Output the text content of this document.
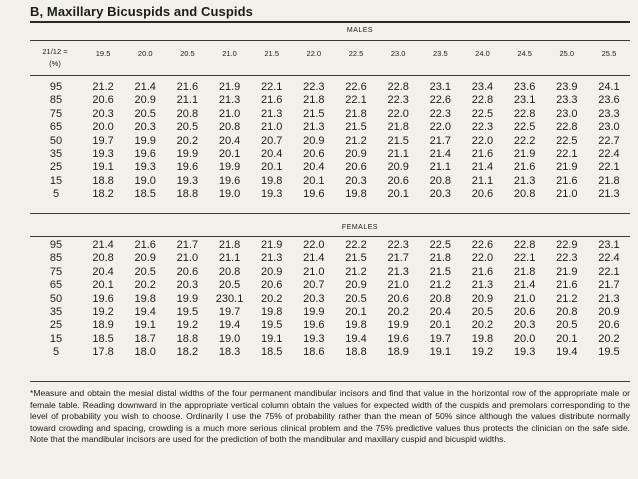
B, Maxillary Bicuspids and Cuspids
MALES
21/12 =
(%)
19.5	20.0	20.5	21.0	21.5	22.0	22.5	23.0	23.5	24.0	24.5	25.0	25.5
95	21.2	21.4	21.6	21.9	22.1	22.3	22.6	22.8	23.1	23.4	23.6	23.9	24.1
85	20.6	20.9	21.1	21.3	21.6	21.8	22.1	22.3	22.6	22.8	23.1	23.3	23.6
75	20.3	20.5	20.8	21.0	21.3	21.5	21.8	22.0	22.3	22.5	22.8	23.0	23.3
65	20.0	20.3	20.5	20.8	21.0	21.3	21.5	21.8	22.0	22.3	22.5	22.8	23.0
50	19.7	19.9	20.2	20.4	20.7	20.9	21.2	21.5	21.7	22.0	22.2	22.5	22.7
35	19.3	19.6	19.9	20.1	20.4	20.6	20.9	21.1	21.4	21.6	21.9	22.1	22.4
25	19.1	19.3	19.6	19.9	20.1	20.4	20.6	20.9	21.1	21.4	21.6	21.9	22.1
15	18.8	19.0	19.3	19.6	19.8	20.1	20.3	20.6	20.8	21.1	21.3	21.6	21.8
5	18.2	18.5	18.8	19.0	19.3	19.6	19.8	20.1	20.3	20.6	20.8	21.0	21.3
FEMALES
95	21.4	21.6	21.7	21.8	21.9	22.0	22.2	22.3	22.5	22.6	22.8	22.9	23.1
85	20.8	20.9	21.0	21.1	21.3	21.4	21.5	21.7	21.8	22.0	22.1	22.3	22.4
75	20.4	20.5	20.6	20.8	20.9	21.0	21.2	21.3	21.5	21.6	21.8	21.9	22.1
65	20.1	20.2	20.3	20.5	20.6	20.7	20.9	21.0	21.2	21.3	21.4	21.6	21.7
50	19.6	19.8	19.9	230.1	20.2	20.3	20.5	20.6	20.8	20.9	21.0	21.2	21.3
35	19.2	19.4	19.5	19.7	19.8	19.9	20.1	20.2	20.4	20.5	20.6	20.8	20.9
25	18.9	19.1	19.2	19.4	19.5	19.6	19.8	19.9	20.1	20.2	20.3	20.5	20.6
15	18.5	18.7	18.8	19.0	19.1	19.3	19.4	19.6	19.7	19.8	20.0	20.1	20.2
5	17.8	18.0	18.2	18.3	18.5	18.6	18.8	18.9	19.1	19.2	19.3	19.4	19.5
*Measure and obtain the mesial distal widths of the four permanent mandibular incisors and find that value in the horizontal row of the appropriate male or female table. Reading downward in the appropriate vertical column obtain the values for expected width of the cuspids and premolars corresponding to the level of probability you wish to choose. Ordinarily I use the 75% of probability rather than the mean of 50% since although the values distribute normally toward crowding and spacing, crowding is a much more serious clinical problem and the 75% predictive values thus protects the clinician on the safe side. Note that the mandibular incisors are used for the prediction of both the mandibular and maxillary cuspid and bicuspid widths.
